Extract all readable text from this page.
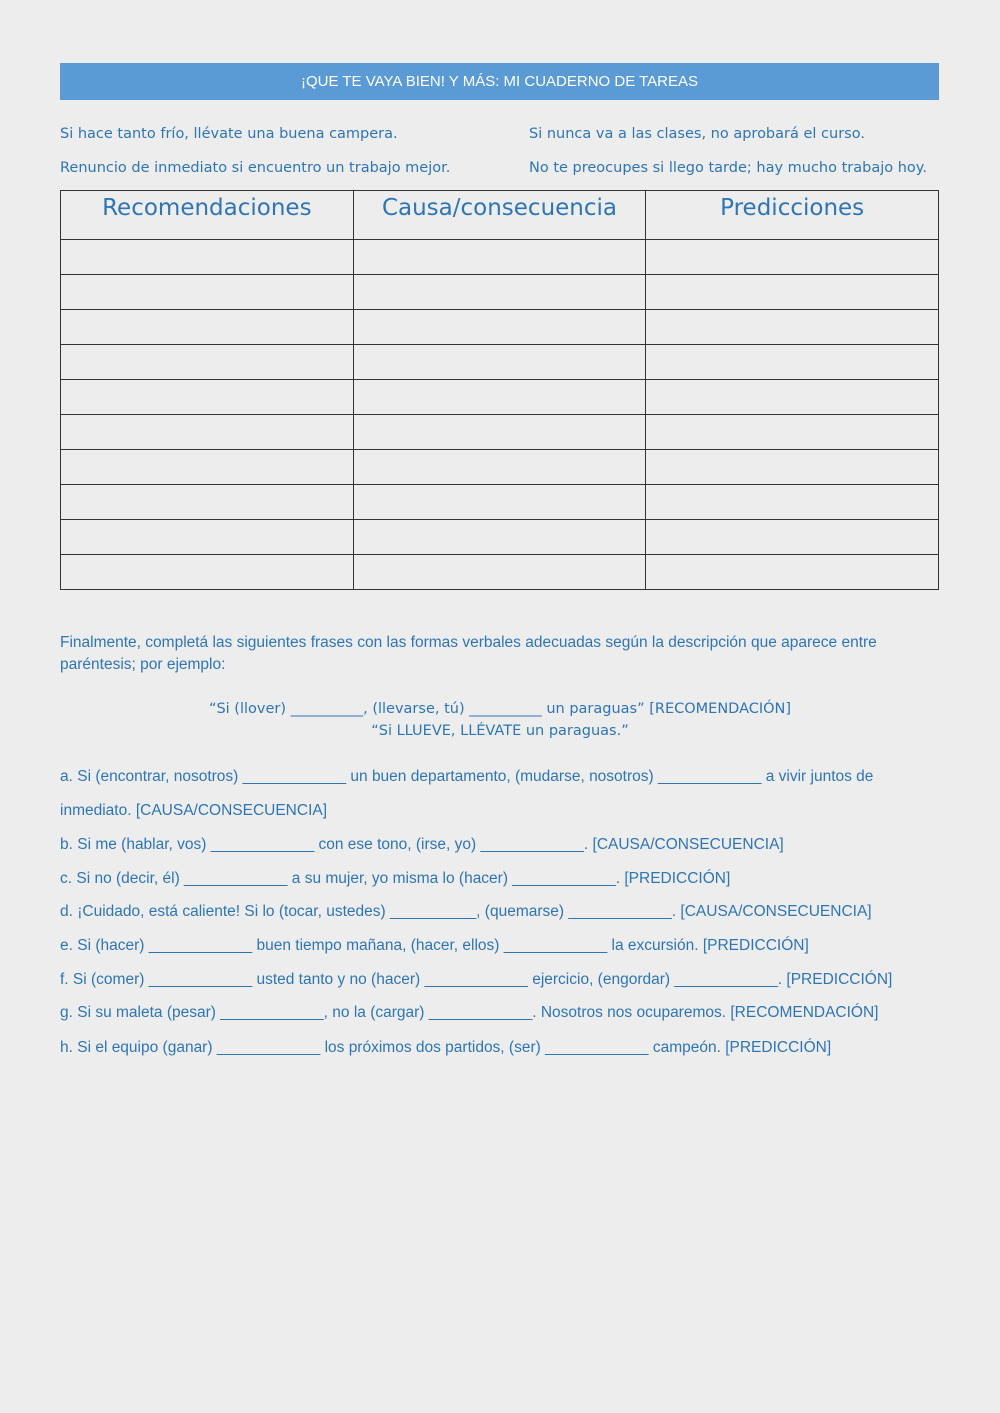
¡QUE TE VAYA BIEN! Y MÁS: MI CUADERNO DE TAREAS
Si hace tanto frío, llévate una buena campera.	Si nunca va a las clases, no aprobará el curso.
Renuncio de inmediato si encuentro un trabajo mejor.	No te preocupes si llego tarde; hay mucho trabajo hoy.
Recomendaciones	Causa/consecuencia	Predicciones

Finalmente, completá las siguientes frases con las formas verbales adecuadas según la descripción que aparece entre paréntesis; por ejemplo:
“Si (llover) __________, (llevarse, tú) __________ un paraguas” [RECOMENDACIÓN]
“Si LLUEVE, LLÉVATE un paraguas.”
a. Si (encontrar, nosotros) ____________ un buen departamento, (mudarse, nosotros) ____________ a vivir juntos de
inmediato. [CAUSA/CONSECUENCIA]
b. Si me (hablar, vos) ____________ con ese tono, (irse, yo) ____________. [CAUSA/CONSECUENCIA]
c. Si no (decir, él) ____________ a su mujer, yo misma lo (hacer) ____________. [PREDICCIÓN]
d. ¡Cuidado, está caliente! Si lo (tocar, ustedes) __________, (quemarse) ____________. [CAUSA/CONSECUENCIA]
e. Si (hacer) ____________ buen tiempo mañana, (hacer, ellos) ____________ la excursión. [PREDICCIÓN]
f. Si (comer) ____________ usted tanto y no (hacer) ____________ ejercicio, (engordar) ____________. [PREDICCIÓN]
g. Si su maleta (pesar) ____________, no la (cargar) ____________. Nosotros nos ocuparemos. [RECOMENDACIÓN]
h. Si el equipo (ganar) ____________ los próximos dos partidos, (ser) ____________ campeón. [PREDICCIÓN]
